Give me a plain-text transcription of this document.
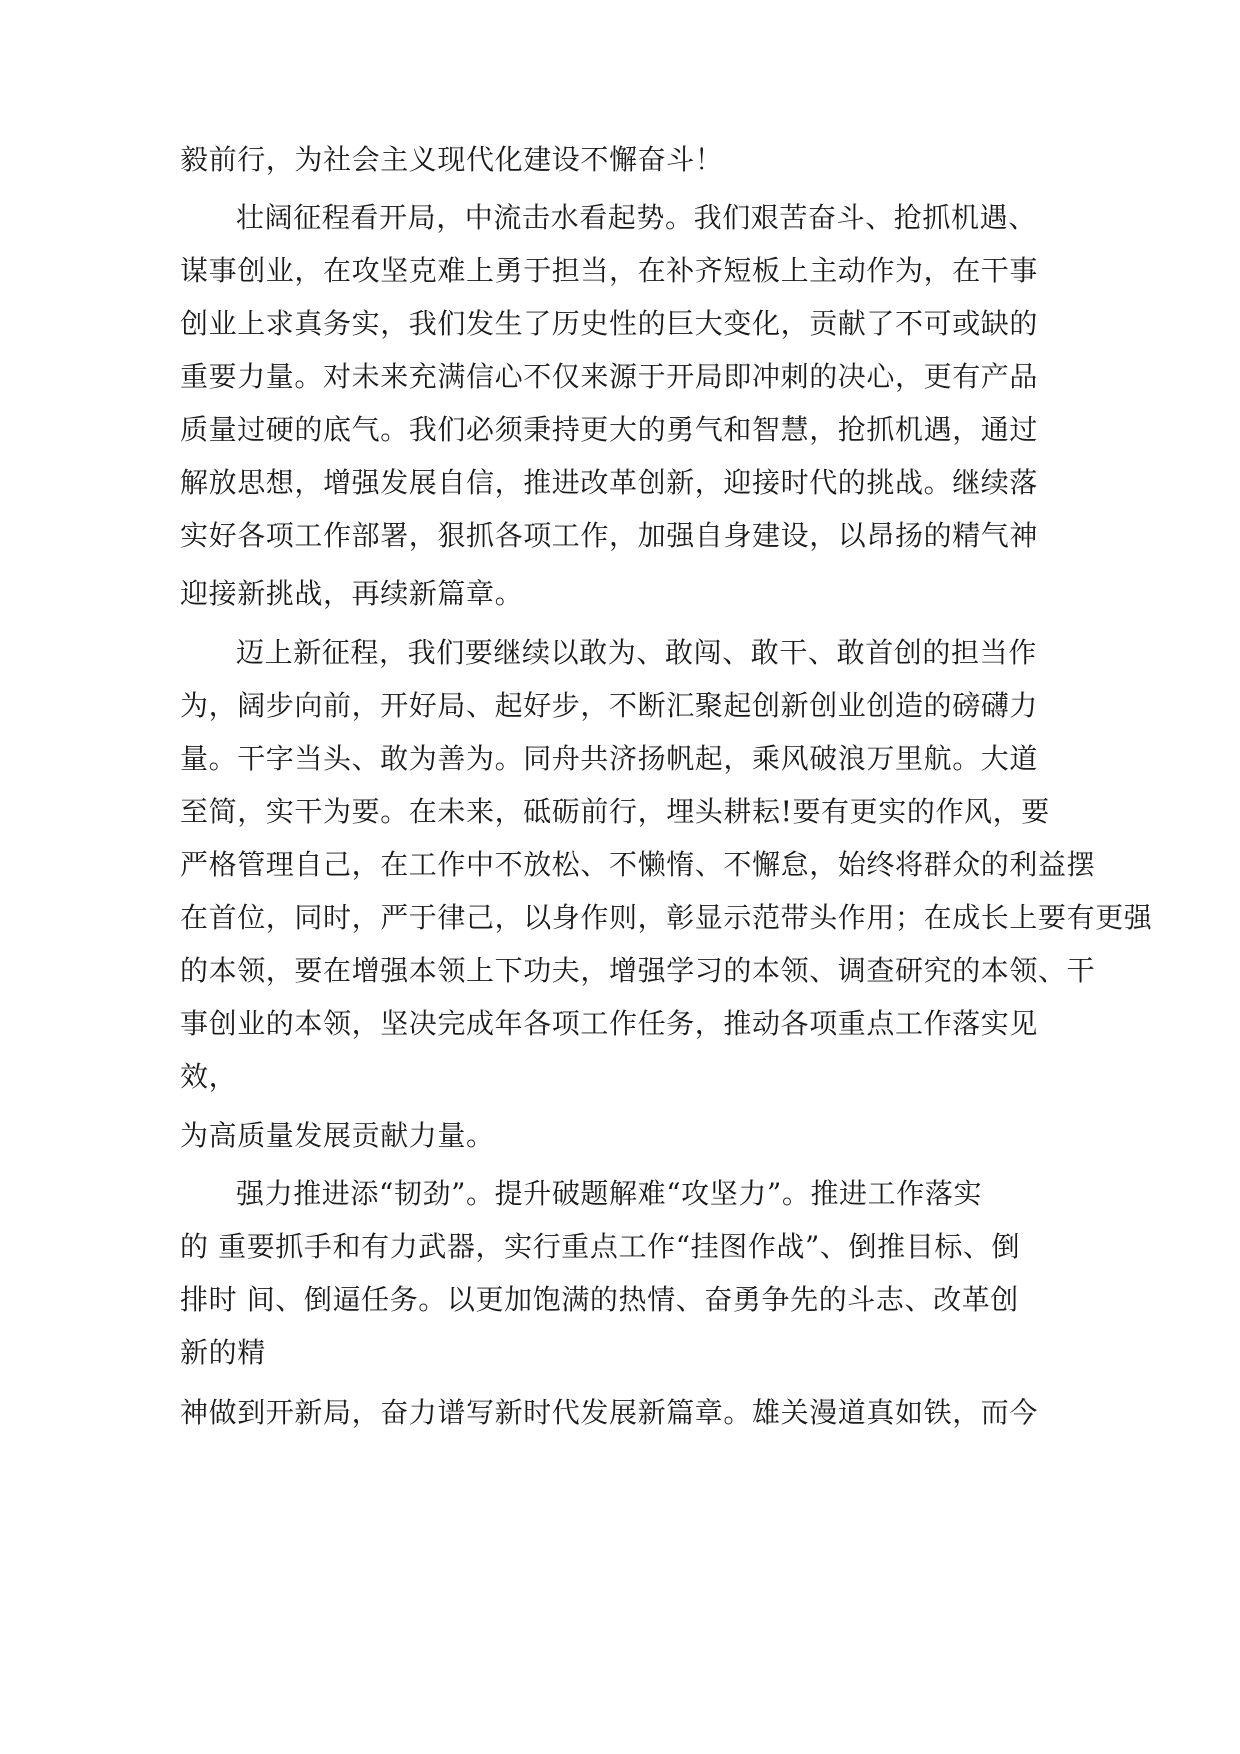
毅前行，为社会主义现代化建设不懈奋斗！
壮阔征程看开局，中流击水看起势。我们艰苦奋斗、抢抓机遇、
谋事创业，在攻坚克难上勇于担当，在补齐短板上主动作为，在干事
创业上求真务实，我们发生了历史性的巨大变化，贡献了不可或缺的
重要力量。对未来充满信心不仅来源于开局即冲刺的决心，更有产品
质量过硬的底气。我们必须秉持更大的勇气和智慧，抢抓机遇，通过
解放思想，增强发展自信，推进改革创新，迎接时代的挑战。继续落
实好各项工作部署，狠抓各项工作，加强自身建设，以昂扬的精气神
迎接新挑战，再续新篇章。
迈上新征程，我们要继续以敢为、敢闯、敢干、敢首创的担当作
为，阔步向前，开好局、起好步，不断汇聚起创新创业创造的磅礴力
量。干字当头、敢为善为。同舟共济扬帆起，乘风破浪万里航。大道
至简，实干为要。在未来，砥砺前行，埋头耕耘!要有更实的作风，要
严格管理自己，在工作中不放松、不懒惰、不懈怠，始终将群众的利益摆
在首位，同时，严于律己，以身作则，彰显示范带头作用；在成长上要有更强
的本领，要在增强本领上下功夫，增强学习的本领、调查研究的本领、干
事创业的本领，坚决完成年各项工作任务，推动各项重点工作落实见
效，
为高质量发展贡献力量。
强力推进添“韧劲”。提升破题解难“攻坚力”。推进工作落实
的 重要抓手和有力武器，实行重点工作“挂图作战”、倒推目标、倒
排时 间、倒逼任务。以更加饱满的热情、奋勇争先的斗志、改革创
新的精
神做到开新局，奋力谱写新时代发展新篇章。雄关漫道真如铁，而今
